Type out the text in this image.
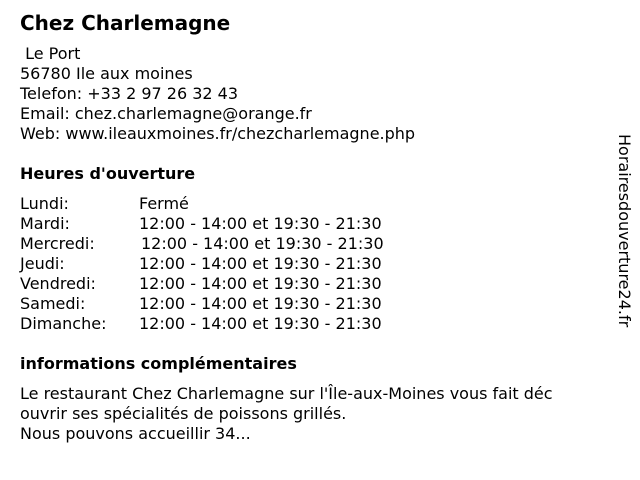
Chez Charlemagne
Le Port
56780 Ile aux moines
Telefon: +33 2 97 26 32 43
Email: chez.charlemagne@orange.fr
Web: www.ileauxmoines.fr/chezcharlemagne.php
Heures d'ouverture
Lundi:	Fermé
Mardi:	12:00 - 14:00 et 19:30 - 21:30
Mercredi:	12:00 - 14:00 et 19:30 - 21:30
Jeudi:	12:00 - 14:00 et 19:30 - 21:30
Vendredi:	12:00 - 14:00 et 19:30 - 21:30
Samedi:	12:00 - 14:00 et 19:30 - 21:30
Dimanche: 12:00 - 14:00 et 19:30 - 21:30
informations complémentaires
Le restaurant Chez Charlemagne sur l'Île-aux-Moines vous fait déc
ouvrir ses spécialités de poissons grillés.
Nous pouvons accueillir 34...
Horairesdouverture24.fr
